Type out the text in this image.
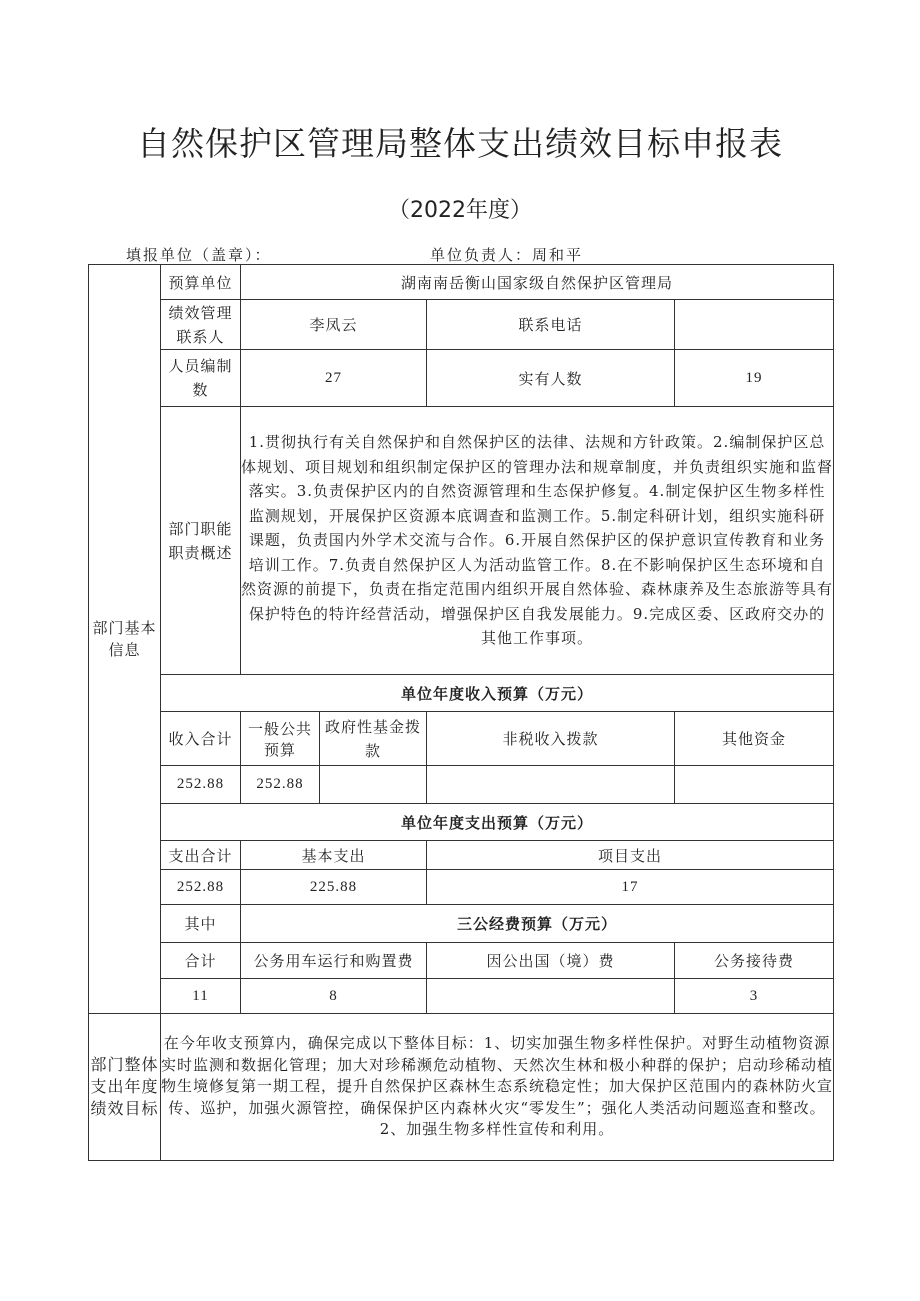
自然保护区管理局整体支出绩效目标申报表
（2022年度）
填报单位（盖章）：	单位负责人：周和平
部门基本信息	预算单位	湖南南岳衡山国家级自然保护区管理局			
	绩效管理联系人	李凤云		联系电话	
	人员编制数	27		实有人数	19
	部门职能职责概述	1.贯彻执行有关自然保护和自然保护区的法律、法规和方针政策。2.编制保护区总体规划、项目规划和组织制定保护区的管理办法和规章制度，并负责组织实施和监督落实。3.负责保护区内的自然资源管理和生态保护修复。4.制定保护区生物多样性监测规划，开展保护区资源本底调查和监测工作。5.制定科研计划，组织实施科研课题，负责国内外学术交流与合作。6.开展自然保护区的保护意识宣传教育和业务培训工作。7.负责自然保护区人为活动监管工作。8.在不影响保护区生态环境和自然资源的前提下，负责在指定范围内组织开展自然体验、森林康养及生态旅游等具有保护特色的特许经营活动，增强保护区自我发展能力。9.完成区委、区政府交办的其他工作事项。			
	单位年度收入预算（万元）				
	收入合计	一般公共预算	政府性基金拨款	非税收入拨款	其他资金
	252.88	252.88			
	单位年度支出预算（万元）				
	支出合计	基本支出		项目支出	
	252.88	225.88		17	
	其中	三公经费预算（万元）			
	合计	公务用车运行和购置费		因公出国（境）费	公务接待费
	11	8			3

部门整体支出年度绩效目标	在今年收支预算内，确保完成以下整体目标：1、切实加强生物多样性保护。对野生动植物资源实时监测和数据化管理；加大对珍稀濒危动植物、天然次生林和极小种群的保护；启动珍稀动植物生境修复第一期工程，提升自然保护区森林生态系统稳定性；加大保护区范围内的森林防火宣传、巡护，加强火源管控，确保保护区内森林火灾“零发生”；强化人类活动问题巡查和整改。2、加强生物多样性宣传和利用。				
